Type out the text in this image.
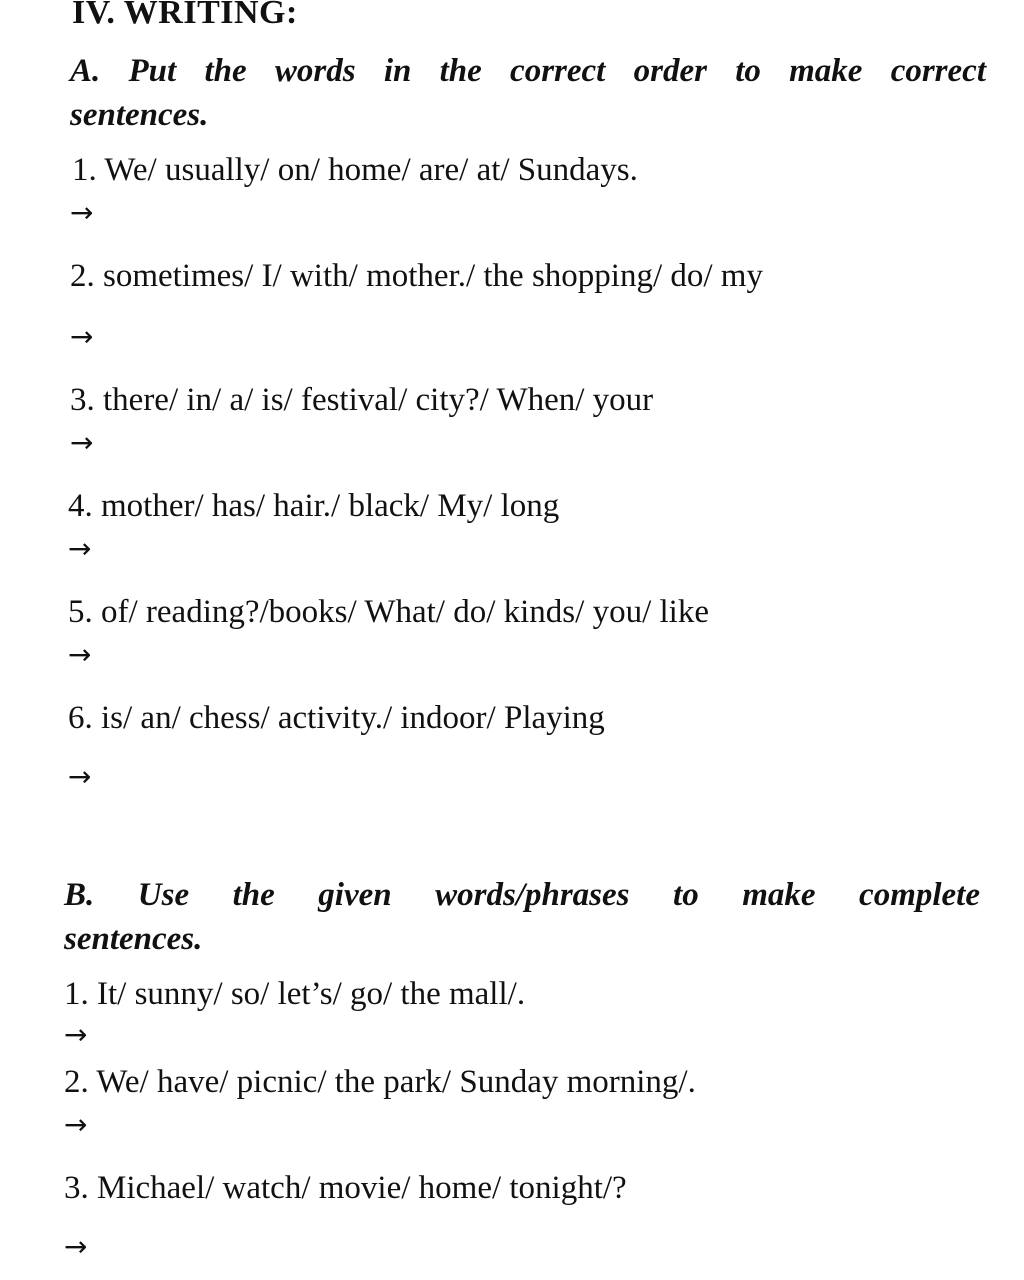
IV. WRITING:
A. Put the words in the correct order to make correct
sentences.
1. We/ usually/ on/ home/ are/ at/ Sundays.
→
2. sometimes/ I/ with/ mother./ the shopping/ do/ my
→
3. there/ in/ a/ is/ festival/ city?/ When/ your
→
4. mother/ has/ hair./ black/ My/ long
→
5. of/ reading?/books/ What/ do/ kinds/ you/ like
→
6. is/ an/ chess/ activity./ indoor/ Playing
→
B. Use the given words/phrases to make complete
sentences.
1. It/ sunny/ so/ let’s/ go/ the mall/.
→
2. We/ have/ picnic/ the park/ Sunday morning/.
→
3. Michael/ watch/ movie/ home/ tonight/?
→
